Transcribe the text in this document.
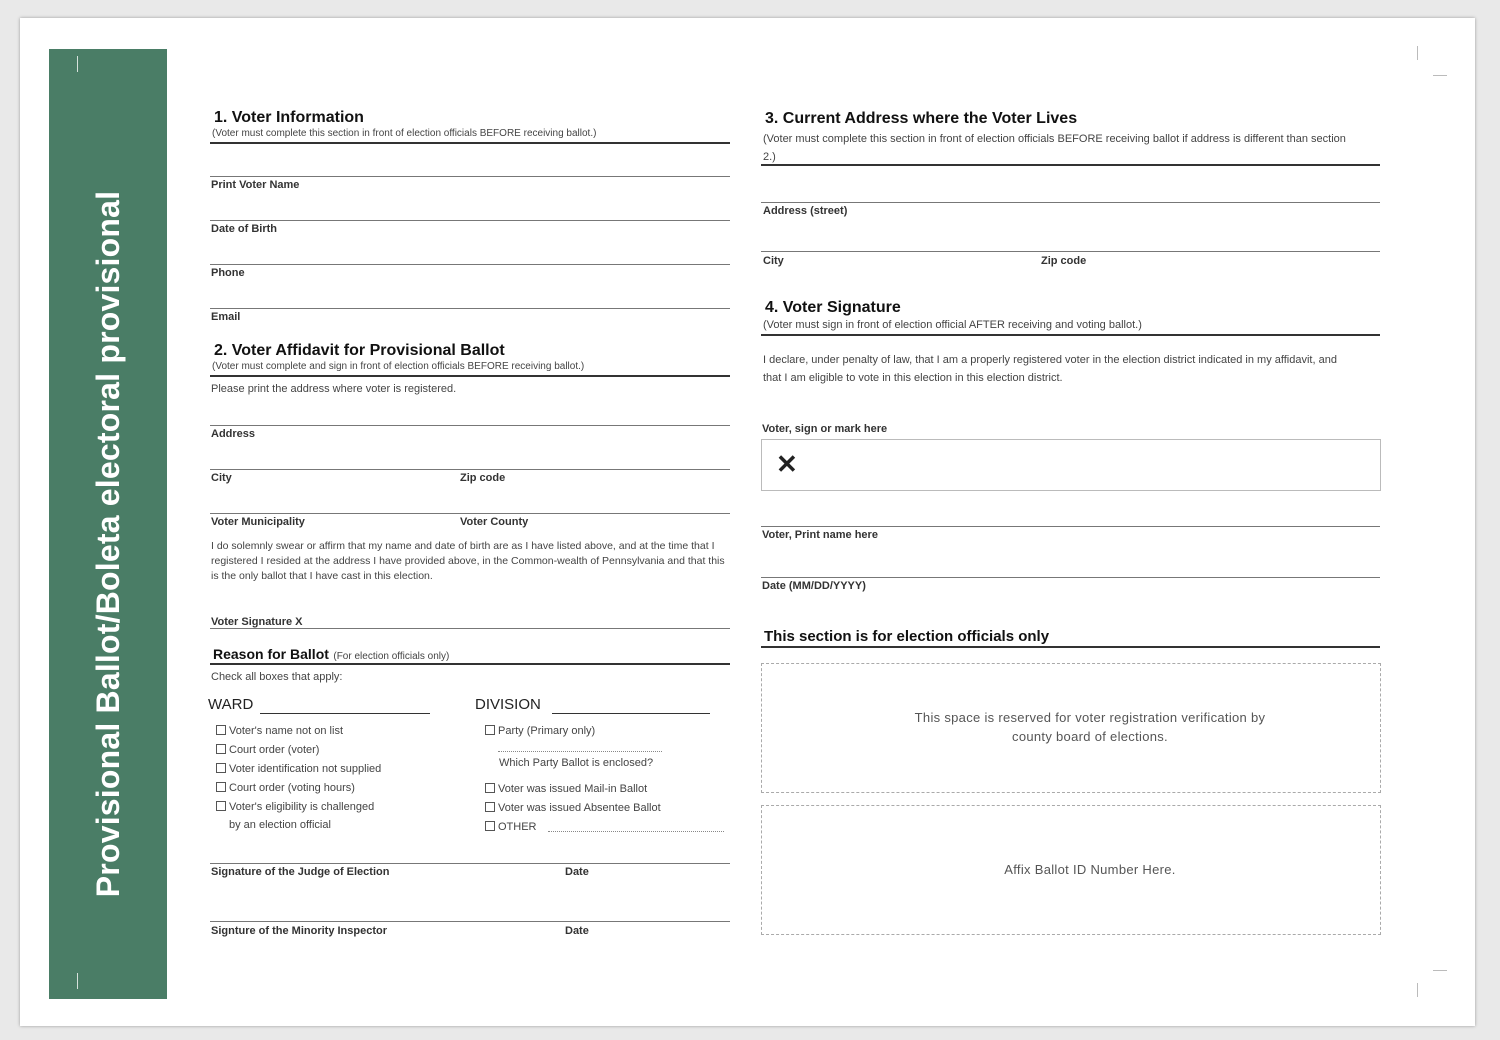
Provisional Ballot/Boleta electoral provisional
1. Voter Information
(Voter must complete this section in front of election officials BEFORE receiving ballot.)
Print Voter Name
Date of Birth
Phone
Email
2. Voter Affidavit for Provisional Ballot
(Voter must complete and sign in front of election officials BEFORE receiving ballot.)
Please print the address where voter is registered.
Address
City	Zip code
Voter Municipality	Voter County
I do solemnly swear or affirm that my name and date of birth are as I have listed above, and at the time that I registered I resided at the address I have provided above, in the Common-wealth of Pennsylvania and that this is the only ballot that I have cast in this election.
Voter Signature X
Reason for Ballot (For election officials only)
Check all boxes that apply:
WARD	DIVISION
Voter's name not on list
Court order (voter)
Voter identification not supplied
Court order (voting hours)
Voter's eligibility is challenged
by an election official
Party (Primary only)
Which Party Ballot is enclosed?
Voter was issued Mail-in Ballot
Voter was issued Absentee Ballot
OTHER
Signature of the Judge of Election	Date
Signture of the Minority Inspector	Date
3. Current Address where the Voter Lives
(Voter must complete this section in front of election officials BEFORE receiving ballot if address is different than section 2.)
Address (street)
City	Zip code
4. Voter Signature
(Voter must sign in front of election official AFTER receiving and voting ballot.)
I declare, under penalty of law, that I am a properly registered voter in the election district indicated in my affidavit, and that I am eligible to vote in this election in this election district.
Voter, sign or mark here
✕
Voter, Print name here
Date (MM/DD/YYYY)
This section is for election officials only
This space is reserved for voter registration verification by county board of elections.
Affix Ballot ID Number Here.
